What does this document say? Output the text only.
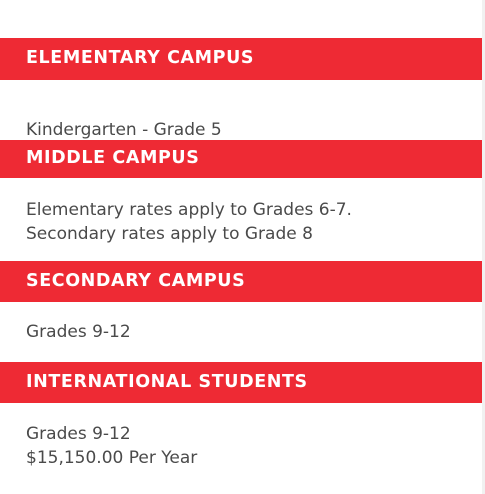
ELEMENTARY CAMPUS
Kindergarten - Grade 5
MIDDLE CAMPUS
Elementary rates apply to Grades 6-7.
Secondary rates apply to Grade 8
SECONDARY CAMPUS
Grades 9-12
INTERNATIONAL STUDENTS
Grades 9-12
$15,150.00 Per Year
